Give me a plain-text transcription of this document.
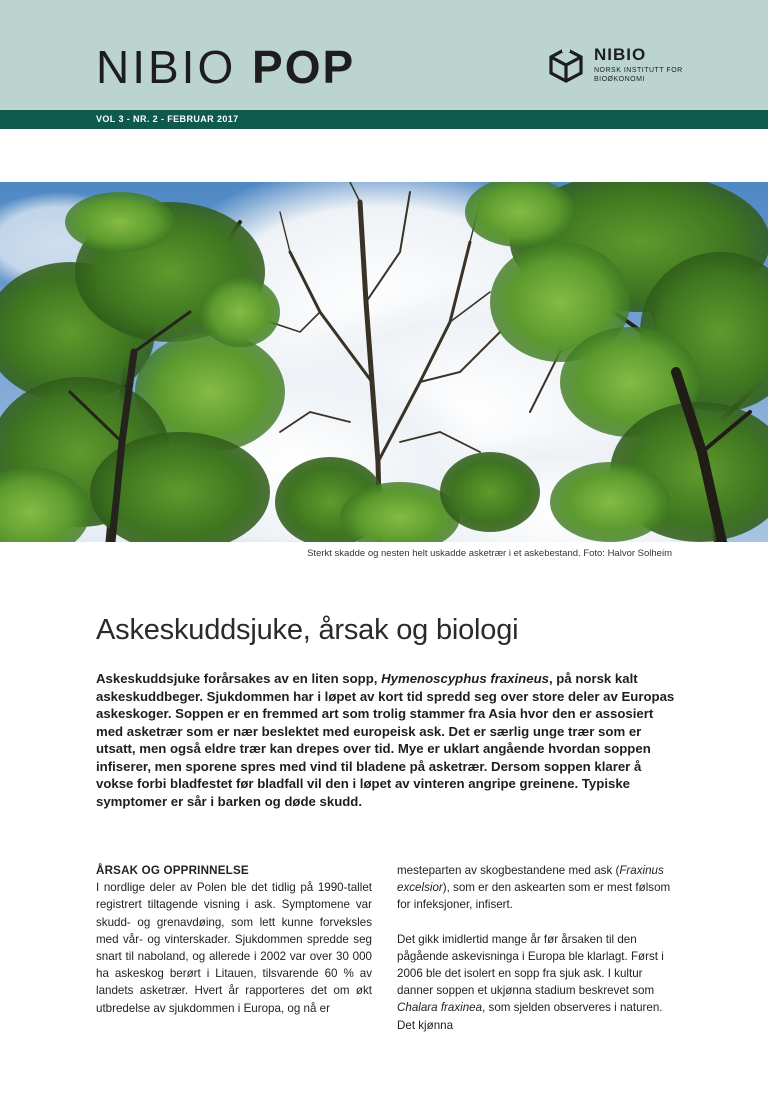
NIBIO POP	NIBIO
NORSK INSTITUTT FOR
BIOØKONOMI
VOL 3 - NR. 2 - FEBRUAR 2017
Sterkt skadde og nesten helt uskadde asketrær i et askebestand. Foto: Halvor Solheim
Askeskuddsjuke, årsak og biologi

Askeskuddsjuke forårsakes av en liten sopp, Hymenoscyphus fraxineus, på norsk kalt askeskuddbeger. Sjukdommen har i løpet av kort tid spredd seg over store deler av Europas askeskoger. Soppen er en fremmed art som trolig stammer fra Asia hvor den er assosiert med asketrær som er nær beslektet med europeisk ask. Det er særlig unge trær som er utsatt, men også eldre trær kan drepes over tid. Mye er uklart angående hvordan soppen infiserer, men sporene spres med vind til bladene på asketrær. Dersom soppen klarer å vokse forbi bladfestet før bladfall vil den i løpet av vinteren angripe greinene. Typiske symptomer er sår i barken og døde skudd.

ÅRSAK OG OPPRINNELSE

I nordlige deler av Polen ble det tidlig på 1990-tallet registrert tiltagende visning i ask. Symptomene var skudd- og grenavdøing, som lett kunne forveksles med vår- og vinterskader. Sjukdommen spredde seg snart til naboland, og allerede i 2002 var over 30 000 ha askeskog berørt i Litauen, tilsvarende 60 % av landets asketrær. Hvert år rapporteres det om økt utbredelse av sjukdommen i Europa, og nå er

mesteparten av skogbestandene med ask (Fraxinus excelsior), som er den askearten som er mest følsom for infeksjoner, infisert.

Det gikk imidlertid mange år før årsaken til den pågående askevisninga i Europa ble klarlagt. Først i 2006 ble det isolert en sopp fra sjuk ask. I kultur danner soppen et ukjønna stadium beskrevet som Chalara fraxinea, som sjelden observeres i naturen. Det kjønna
